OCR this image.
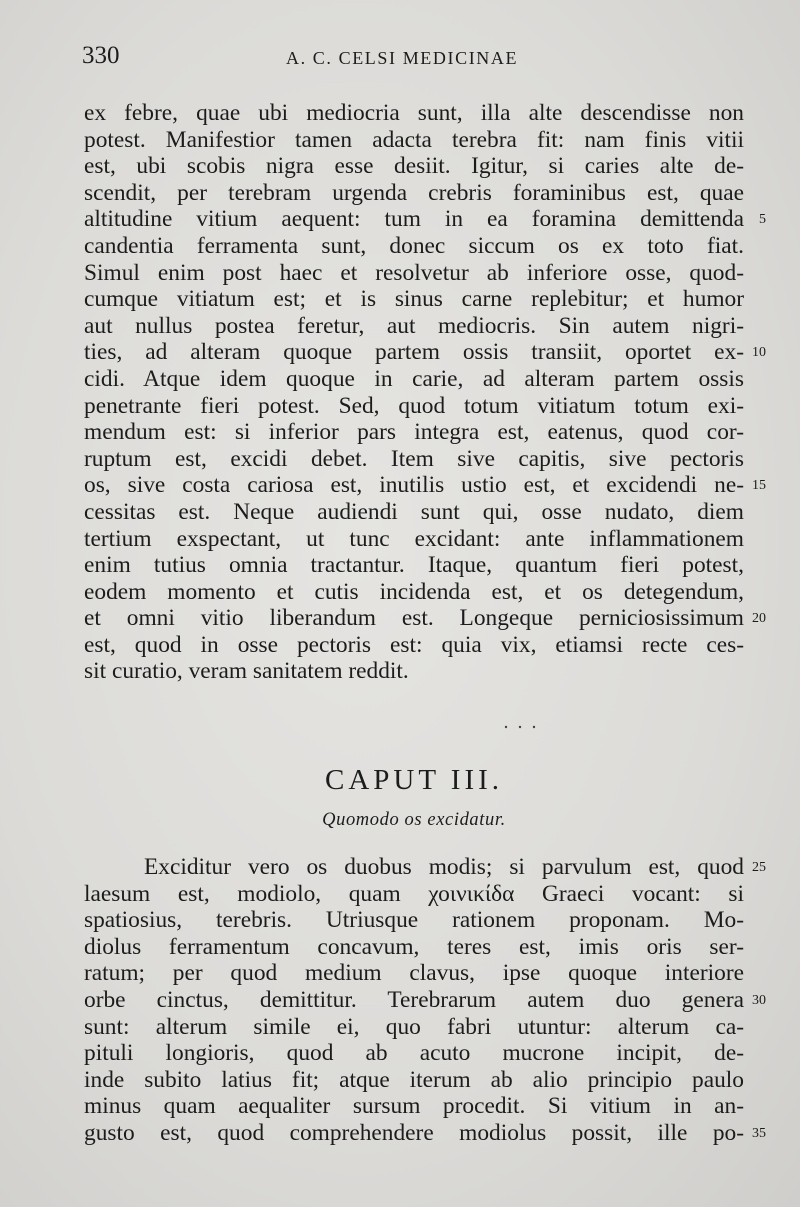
330	A. C. CELSI MEDICINAE
ex febre, quae ubi mediocria sunt, illa alte descendisse non
potest. Manifestior tamen adacta terebra fit: nam finis vitii
est, ubi scobis nigra esse desiit. Igitur, si caries alte de-
scendit, per terebram urgenda crebris foraminibus est, quae
altitudine vitium aequent: tum in ea foramina demittenda 5
candentia ferramenta sunt, donec siccum os ex toto fiat.
Simul enim post haec et resolvetur ab inferiore osse, quod-
cumque vitiatum est; et is sinus carne replebitur; et humor
aut nullus postea feretur, aut mediocris. Sin autem nigri-
ties, ad alteram quoque partem ossis transiit, oportet ex- 10
cidi. Atque idem quoque in carie, ad alteram partem ossis
penetrante fieri potest. Sed, quod totum vitiatum totum exi-
mendum est: si inferior pars integra est, eatenus, quod cor-
ruptum est, excidi debet. Item sive capitis, sive pectoris
os, sive costa cariosa est, inutilis ustio est, et excidendi ne- 15
cessitas est. Neque audiendi sunt qui, osse nudato, diem
tertium exspectant, ut tunc excidant: ante inflammationem
enim tutius omnia tractantur. Itaque, quantum fieri potest,
eodem momento et cutis incidenda est, et os detegendum,
et omni vitio liberandum est. Longeque perniciosissimum 20
est, quod in osse pectoris est: quia vix, etiamsi recte ces-
sit curatio, veram sanitatem reddit.
CAPUT III.
Quomodo os excidatur.
Exciditur vero os duobus modis; si parvulum est, quod 25
laesum est, modiolo, quam χοινικίδα Graeci vocant: si
spatiosius, terebris. Utriusque rationem proponam. Mo-
diolus ferramentum concavum, teres est, imis oris ser-
ratum; per quod medium clavus, ipse quoque interiore
orbe cinctus, demittitur. Terebrarum autem duo genera 30
sunt: alterum simile ei, quo fabri utuntur: alterum ca-
pituli longioris, quod ab acuto mucrone incipit, de-
inde subito latius fit; atque iterum ab alio principio paulo
minus quam aequaliter sursum procedit. Si vitium in an-
gusto est, quod comprehendere modiolus possit, ille po- 35
